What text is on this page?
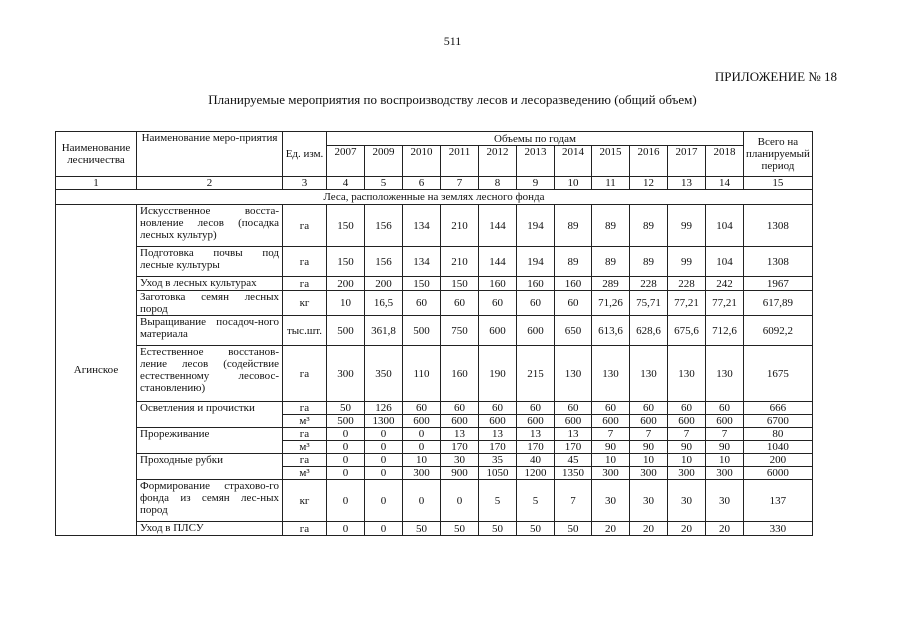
511
ПРИЛОЖЕНИЕ № 18
Планируемые мероприятия по воспроизводству лесов и лесоразведению (общий объем)
Наименование лесничества	Наименование меро-приятия	Ед. изм.	Объемы по годам											Всего на планируемый период
			2007	2009	2010	2011	2012	2013	2014	2015	2016	2017	2018	
1	2	3	4	5	6	7	8	9	10	11	12	13	14	15
Леса, расположенные на землях лесного фонда														
Агинское	Искусственное восста-новление лесов (посадка лесных культур)	га	150	156	134	210	144	194	89	89	89	99	104	1308
	Подготовка почвы под лесные культуры	га	150	156	134	210	144	194	89	89	89	99	104	1308
	Уход в лесных культурах	га	200	200	150	150	160	160	160	289	228	228	242	1967
	Заготовка семян лесных пород	кг	10	16,5	60	60	60	60	60	71,26	75,71	77,21	77,21	617,89
	Выращивание посадоч-ного материала	тыс.шт.	500	361,8	500	750	600	600	650	613,6	628,6	675,6	712,6	6092,2
	Естественное восстанов-ление лесов (содействие естественному лесовос-становлению)	га	300	350	110	160	190	215	130	130	130	130	130	1675
	Осветления и прочистки	га	50	126	60	60	60	60	60	60	60	60	60	666
		м³	500	1300	600	600	600	600	600	600	600	600	600	6700
	Прореживание	га	0	0	0	13	13	13	13	7	7	7	7	80
		м³	0	0	0	170	170	170	170	90	90	90	90	1040
	Проходные рубки	га	0	0	10	30	35	40	45	10	10	10	10	200
		м³	0	0	300	900	1050	1200	1350	300	300	300	300	6000
	Формирование страхово-го фонда из семян лес-ных пород	кг	0	0	0	0	5	5	7	30	30	30	30	137
	Уход в ПЛСУ	га	0	0	50	50	50	50	50	20	20	20	20	330
